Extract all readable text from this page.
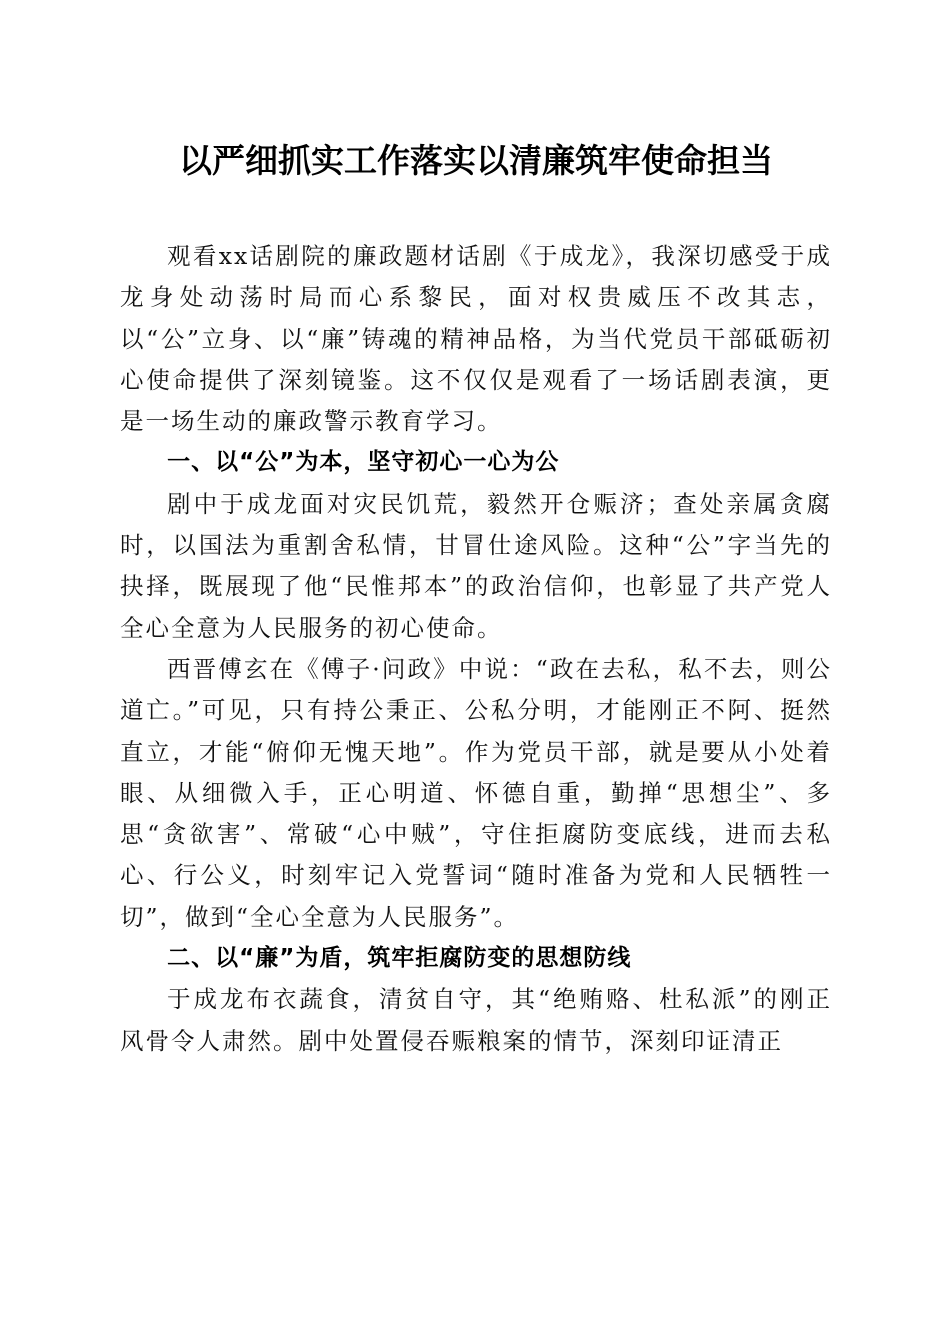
以严细抓实工作落实以清廉筑牢使命担当

观看xx话剧院的廉政题材话剧《于成龙》，我深切感受于成龙身处动荡时局而心系黎民，面对权贵威压不改其志，以“公”立身、以“廉”铸魂的精神品格，为当代党员干部砥砺初心使命提供了深刻镜鉴。这不仅仅是观看了一场话剧表演，更是一场生动的廉政警示教育学习。

一、以“公”为本，坚守初心一心为公

剧中于成龙面对灾民饥荒，毅然开仓赈济；查处亲属贪腐时，以国法为重割舍私情，甘冒仕途风险。这种“公”字当先的抉择，既展现了他“民惟邦本”的政治信仰，也彰显了共产党人全心全意为人民服务的初心使命。

西晋傅玄在《傅子·问政》中说：“政在去私，私不去，则公道亡。”可见，只有持公秉正、公私分明，才能刚正不阿、挺然直立，才能“俯仰无愧天地”。作为党员干部，就是要从小处着眼、从细微入手，正心明道、怀德自重，勤掸“思想尘”、多思“贪欲害”、常破“心中贼”，守住拒腐防变底线，进而去私心、行公义，时刻牢记入党誓词“随时准备为党和人民牺牲一切”，做到“全心全意为人民服务”。

二、以“廉”为盾，筑牢拒腐防变的思想防线

于成龙布衣蔬食，清贫自守，其“绝贿赂、杜私派”的刚正风骨令人肃然。剧中处置侵吞赈粮案的情节，深刻印证清正
